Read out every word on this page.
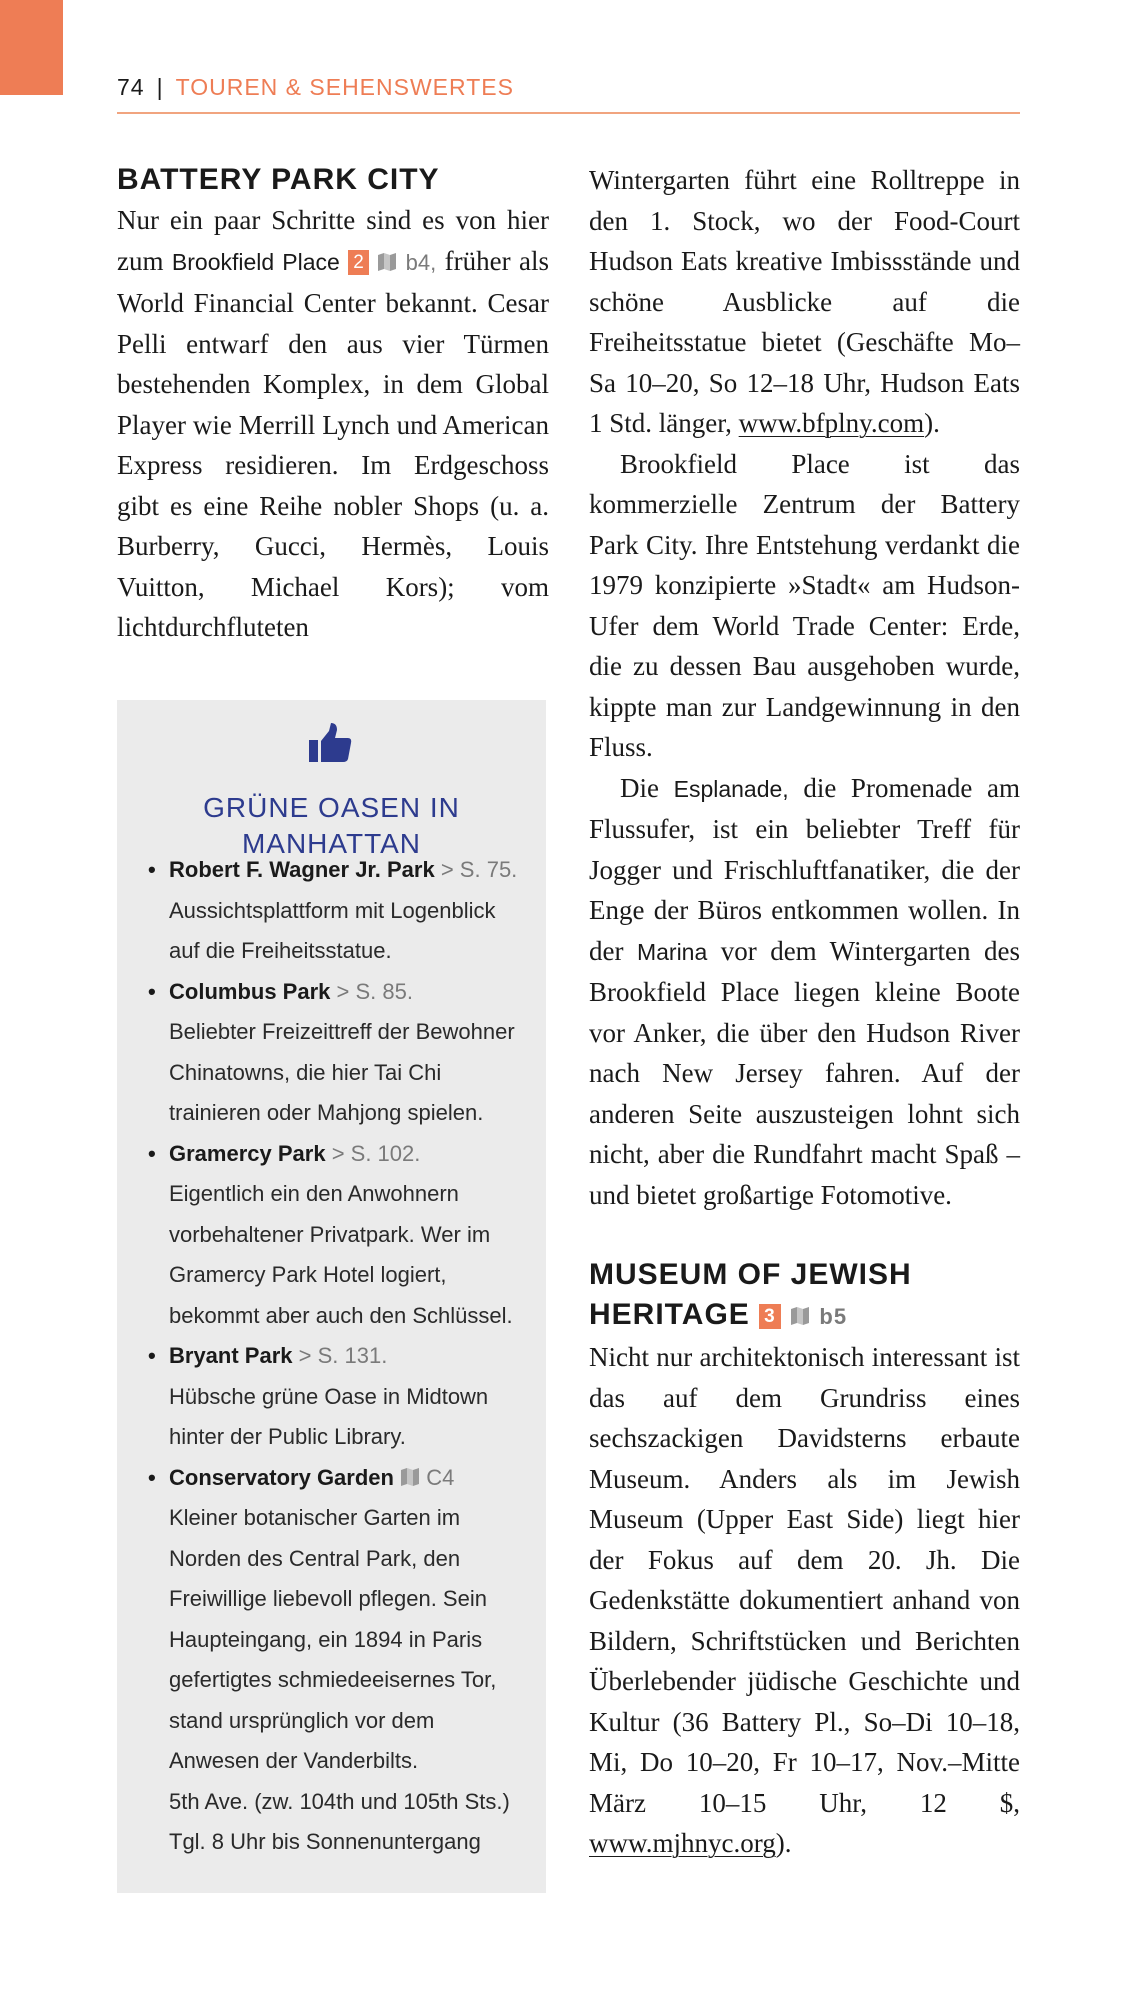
74 | TOUREN & SEHENSWERTES
BATTERY PARK CITY

Nur ein paar Schritte sind es von hier zum Brookfield Place 2 b4, früher als World Financial Center bekannt. Cesar Pelli entwarf den aus vier Türmen bestehenden Komplex, in dem Global Player wie Merrill Lynch und American Express residieren. Im Erdgeschoss gibt es eine Reihe nobler Shops (u. a. Burberry, Gucci, Hermès, Louis Vuitton, Michael Kors); vom lichtdurchfluteten

GRÜNE OASEN IN MANHATTAN
• Robert F. Wagner Jr. Park > S. 75.
Aussichtsplattform mit Logenblick auf die Freiheitsstatue.
• Columbus Park > S. 85.
Beliebter Freizeittreff der Bewohner Chinatowns, die hier Tai Chi trainieren oder Mahjong spielen.
• Gramercy Park > S. 102.
Eigentlich ein den Anwohnern vorbehaltener Privatpark. Wer im Gramercy Park Hotel logiert, bekommt aber auch den Schlüssel.
• Bryant Park > S. 131.
Hübsche grüne Oase in Midtown hinter der Public Library.
• Conservatory Garden C4
Kleiner botanischer Garten im Norden des Central Park, den Freiwillige liebevoll pflegen. Sein Haupteingang, ein 1894 in Paris gefertigtes schmiedeeisernes Tor, stand ursprünglich vor dem Anwesen der Vanderbilts.
5th Ave. (zw. 104th und 105th Sts.)
Tgl. 8 Uhr bis Sonnenuntergang

Wintergarten führt eine Rolltreppe in den 1. Stock, wo der Food-Court Hudson Eats kreative Imbissstände und schöne Ausblicke auf die Freiheitsstatue bietet (Geschäfte Mo–Sa 10–20, So 12–18 Uhr, Hudson Eats 1 Std. länger, www.bfplny.com).

Brookfield Place ist das kommerzielle Zentrum der Battery Park City. Ihre Entstehung verdankt die 1979 konzipierte »Stadt« am Hudson-Ufer dem World Trade Center: Erde, die zu dessen Bau ausgehoben wurde, kippte man zur Landgewinnung in den Fluss.

Die Esplanade, die Promenade am Flussufer, ist ein beliebter Treff für Jogger und Frischluftfanatiker, die der Enge der Büros entkommen wollen. In der Marina vor dem Wintergarten des Brookfield Place liegen kleine Boote vor Anker, die über den Hudson River nach New Jersey fahren. Auf der anderen Seite auszusteigen lohnt sich nicht, aber die Rundfahrt macht Spaß – und bietet großartige Fotomotive.

MUSEUM OF JEWISH
HERITAGE 3 b5

Nicht nur architektonisch interessant ist das auf dem Grundriss eines sechszackigen Davidsterns erbaute Museum. Anders als im Jewish Museum (Upper East Side) liegt hier der Fokus auf dem 20. Jh. Die Gedenkstätte dokumentiert anhand von Bildern, Schriftstücken und Berichten Überlebender jüdische Geschichte und Kultur (36 Battery Pl., So–Di 10–18, Mi, Do 10–20, Fr 10–17, Nov.–Mitte März 10–15 Uhr, 12 $, www.mjhnyc.org).
